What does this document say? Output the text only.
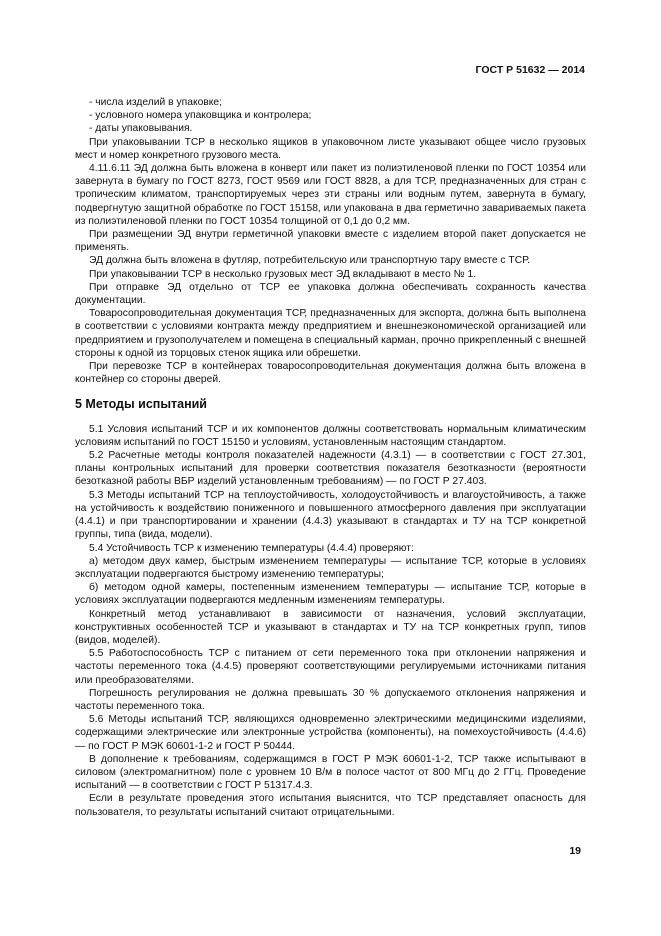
ГОСТ Р 51632 — 2014

- числа изделий в упаковке;

- условного номера упаковщика и контролера;

- даты упаковывания.

При упаковывании ТСР в несколько ящиков в упаковочном листе указывают общее число грузовых мест и номер конкретного грузового места.

4.11.6.11 ЭД должна быть вложена в конверт или пакет из полиэтиленовой пленки по ГОСТ 10354 или завернута в бумагу по ГОСТ 8273, ГОСТ 9569 или ГОСТ 8828, а для ТСР, предназначенных для стран с тропическим климатом, транспортируемых через эти страны или водным путем, завернута в бумагу, подвергнутую защитной обработке по ГОСТ 15158, или упакована в два герметично завариваемых пакета из полиэтиленовой пленки по ГОСТ 10354 толщиной от 0,1 до 0,2 мм.

При размещении ЭД внутри герметичной упаковки вместе с изделием второй пакет допускается не применять.

ЭД должна быть вложена в футляр, потребительскую или транспортную тару вместе с ТСР.

При упаковывании ТСР в несколько грузовых мест ЭД вкладывают в место № 1.

При отправке ЭД отдельно от ТСР ее упаковка должна обеспечивать сохранность качества документации.

Товаросопроводительная документация ТСР, предназначенных для экспорта, должна быть выполнена в соответствии с условиями контракта между предприятием и внешнеэкономической организацией или предприятием и грузополучателем и помещена в специальный карман, прочно прикрепленный с внешней стороны к одной из торцовых стенок ящика или обрешетки.

При перевозке ТСР в контейнерах товаросопроводительная документация должна быть вложена в контейнер со стороны дверей.

5 Методы испытаний

5.1 Условия испытаний ТСР и их компонентов должны соответствовать нормальным климатическим условиям испытаний по ГОСТ 15150 и условиям, установленным настоящим стандартом.

5.2 Расчетные методы контроля показателей надежности (4.3.1) — в соответствии с ГОСТ 27.301, планы контрольных испытаний для проверки соответствия показателя безотказности (вероятности безотказной работы ВБР изделий установленным требованиям) — по ГОСТ Р 27.403.

5.3 Методы испытаний ТСР на теплоустойчивость, холодоустойчивость и влагоустойчивость, а также на устойчивость к воздействию пониженного и повышенного атмосферного давления при эксплуатации (4.4.1) и при транспортировании и хранении (4.4.3) указывают в стандартах и ТУ на ТСР конкретной группы, типа (вида, модели).

5.4 Устойчивость ТСР к изменению температуры (4.4.4) проверяют:

а) методом двух камер, быстрым изменением температуры — испытание ТСР, которые в условиях эксплуатации подвергаются быстрому изменению температуры;

б) методом одной камеры, постепенным изменением температуры — испытание ТСР, которые в условиях эксплуатации подвергаются медленным изменениям температуры.

Конкретный метод устанавливают в зависимости от назначения, условий эксплуатации, конструктивных особенностей ТСР и указывают в стандартах и ТУ на ТСР конкретных групп, типов (видов, моделей).

5.5 Работоспособность ТСР с питанием от сети переменного тока при отклонении напряжения и частоты переменного тока (4.4.5) проверяют соответствующими регулируемыми источниками питания или преобразователями.

Погрешность регулирования не должна превышать 30 % допускаемого отклонения напряжения и частоты переменного тока.

5.6 Методы испытаний ТСР, являющихся одновременно электрическими медицинскими изделиями, содержащими электрические или электронные устройства (компоненты), на помехоустойчивость (4.4.6) — по ГОСТ Р МЭК 60601-1-2 и ГОСТ Р 50444.

В дополнение к требованиям, содержащимся в ГОСТ Р МЭК 60601-1-2, ТСР также испытывают в силовом (электромагнитном) поле с уровнем 10 В/м в полосе частот от 800 МГц до 2 ГГц. Проведение испытаний — в соответствии с ГОСТ Р 51317.4.3.

Если в результате проведения этого испытания выяснится, что ТСР представляет опасность для пользователя, то результаты испытаний считают отрицательными.

19
